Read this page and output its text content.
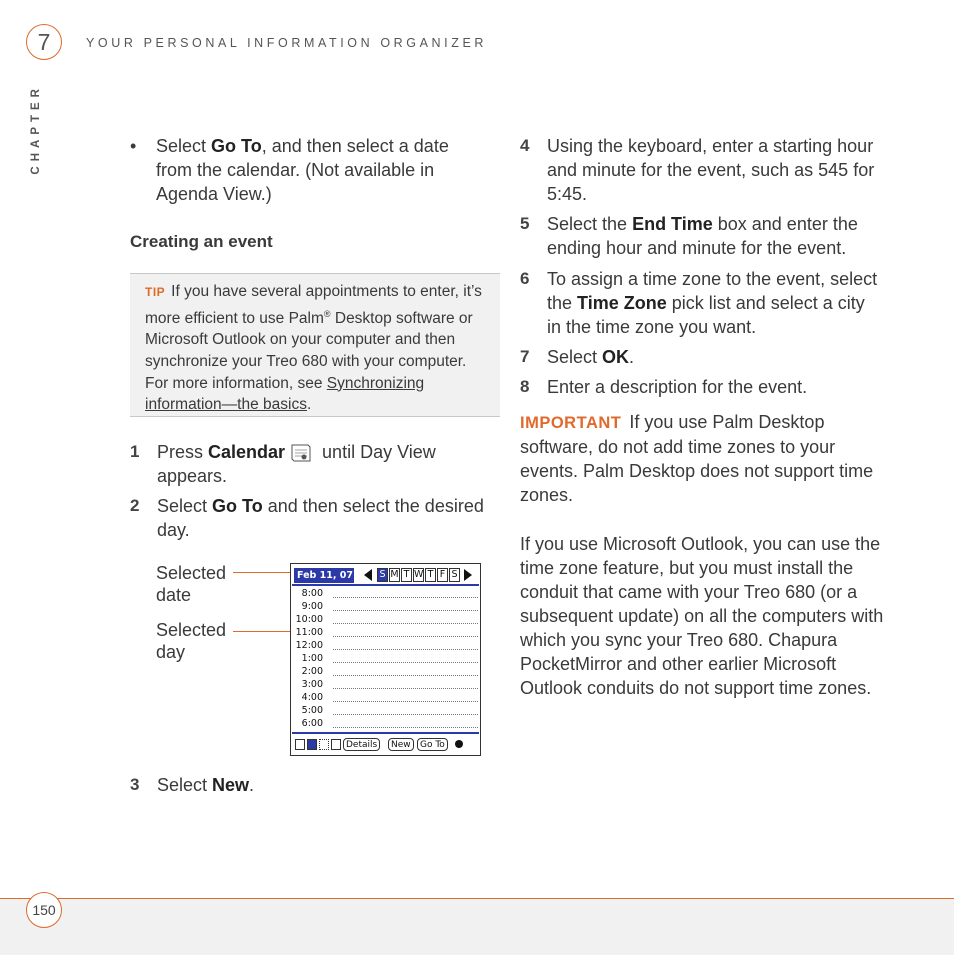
7	YOUR PERSONAL INFORMATION ORGANIZER
CHAPTER	• Select Go To, and then select a date from the calendar. (Not available in Agenda View.)
Creating an event
TIP If you have several appointments to enter, it’s more efficient to use Palm® Desktop software or Microsoft Outlook on your computer and then synchronize your Treo 680 with your computer. For more information, see Synchronizing information—the basics.
1 Press Calendar until Day View appears.
2 Select Go To and then select the desired day.
Selected date
Selected day
Feb 11, 07	S M T W T F S
8:00
9:00
10:00
11:00
12:00
1:00
2:00
3:00
4:00
5:00
6:00
Details	New	Go To
3 Select New.
4 Using the keyboard, enter a starting hour and minute for the event, such as 545 for 5:45.
5 Select the End Time box and enter the ending hour and minute for the event.
6 To assign a time zone to the event, select the Time Zone pick list and select a city in the time zone you want.
7 Select OK.
8 Enter a description for the event.
IMPORTANT If you use Palm Desktop software, do not add time zones to your events. Palm Desktop does not support time zones.
If you use Microsoft Outlook, you can use the time zone feature, but you must install the conduit that came with your Treo 680 (or a subsequent update) on all the computers with which you sync your Treo 680. Chapura PocketMirror and other earlier Microsoft Outlook conduits do not support time zones.
150
